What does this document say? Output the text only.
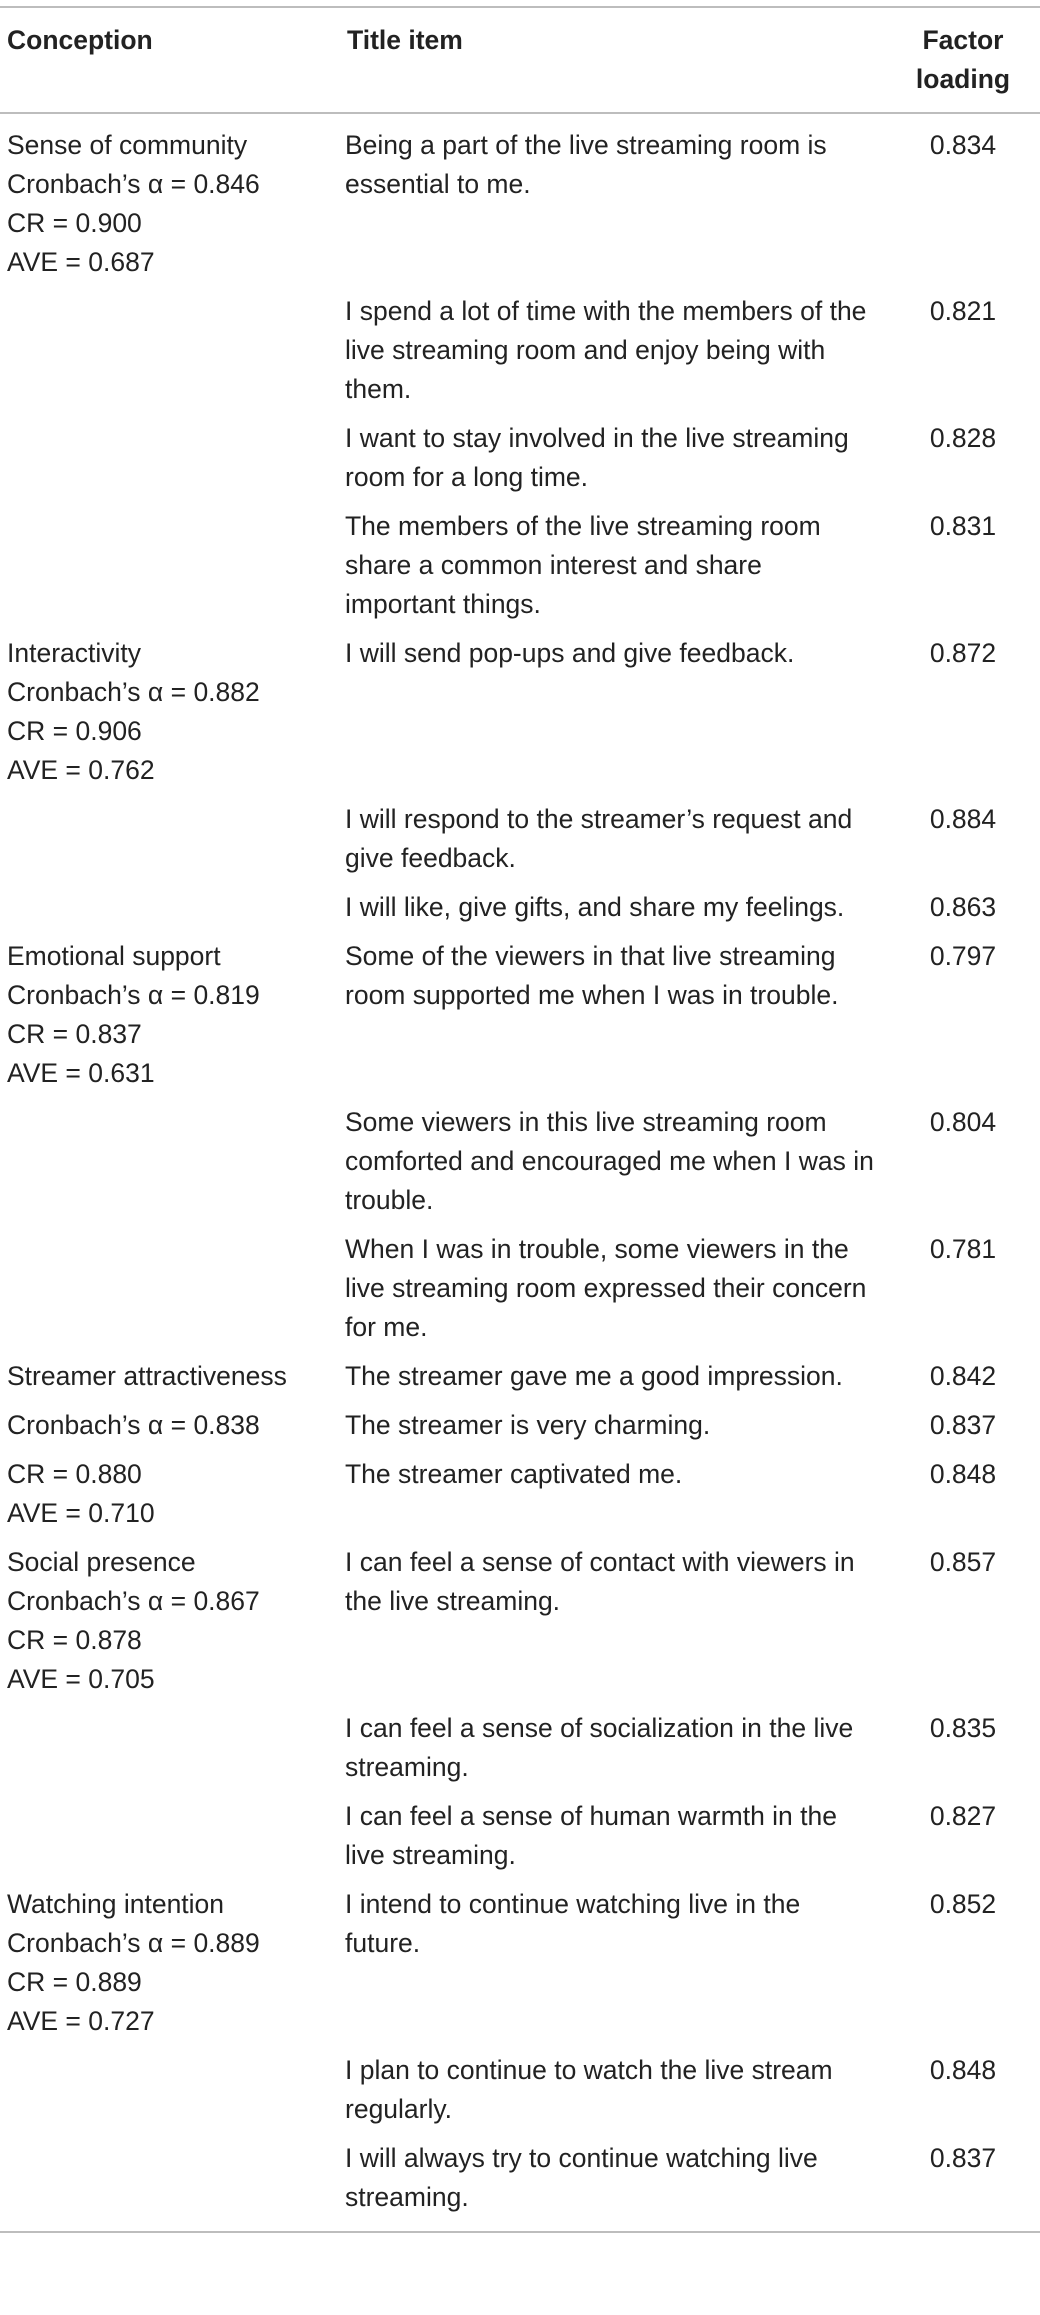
Conception	Title item	Factor
loading

Sense of community
Cronbach’s α = 0.846
CR = 0.900
AVE = 0.687	Being a part of the live streaming room is essential to me.	0.834
	I spend a lot of time with the members of the live streaming room and enjoy being with them.	0.821
	I want to stay involved in the live streaming room for a long time.	0.828
	The members of the live streaming room share a common interest and share important things.	0.831

Interactivity
Cronbach’s α = 0.882
CR = 0.906
AVE = 0.762	I will send pop-ups and give feedback.	0.872
	I will respond to the streamer’s request and give feedback.	0.884
	I will like, give gifts, and share my feelings.	0.863

Emotional support
Cronbach’s α = 0.819
CR = 0.837
AVE = 0.631	Some of the viewers in that live streaming room supported me when I was in trouble.	0.797
	Some viewers in this live streaming room comforted and encouraged me when I was in trouble.	0.804
	When I was in trouble, some viewers in the live streaming room expressed their concern for me.	0.781

Streamer attractiveness	The streamer gave me a good impression.	0.842

Cronbach’s α = 0.838	The streamer is very charming.	0.837

CR = 0.880
AVE = 0.710	The streamer captivated me.	0.848

Social presence
Cronbach’s α = 0.867
CR = 0.878
AVE = 0.705	I can feel a sense of contact with viewers in the live streaming.	0.857
	I can feel a sense of socialization in the live streaming.	0.835
	I can feel a sense of human warmth in the live streaming.	0.827

Watching intention
Cronbach’s α = 0.889
CR = 0.889
AVE = 0.727	I intend to continue watching live in the future.	0.852
	I plan to continue to watch the live stream regularly.	0.848
	I will always try to continue watching live streaming.	0.837
